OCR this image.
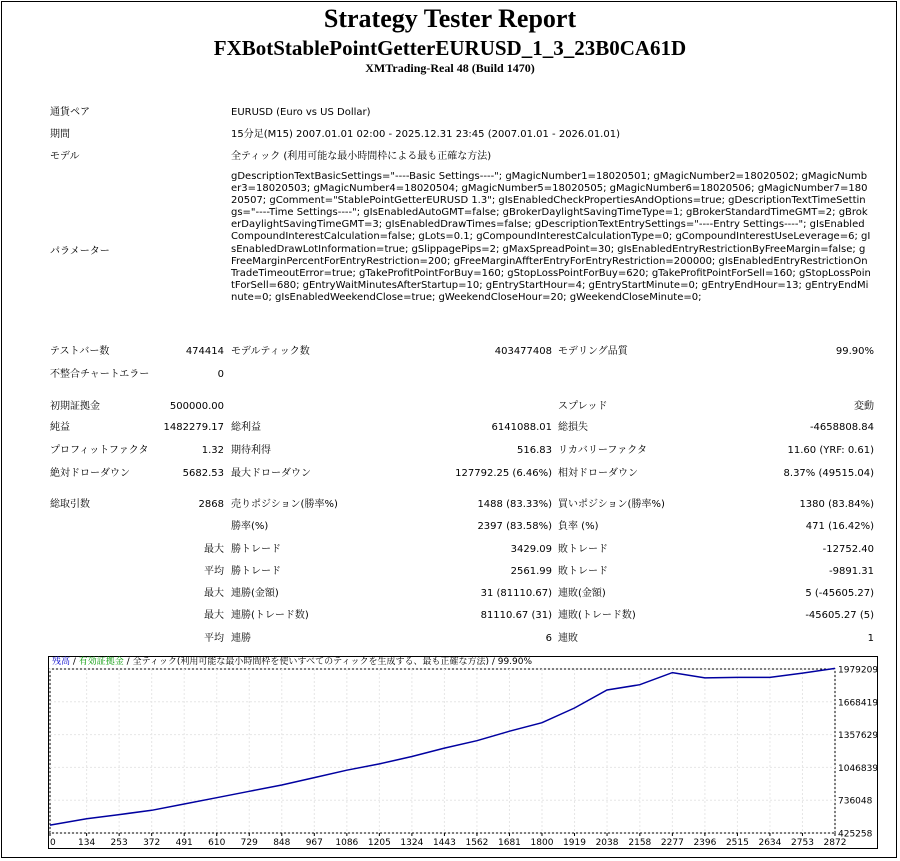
Strategy Tester Report
FXBotStablePointGetterEURUSD_1_3_23B0CA61D
XMTrading-Real 48 (Build 1470)
通貨ペア	EURUSD (Euro vs US Dollar)
期間	15分足(M15) 2007.01.01 02:00 - 2025.12.31 23:45 (2007.01.01 - 2026.01.01)
モデル	全ティック (利用可能な最小時間枠による最も正確な方法)
パラメーター
gDescriptionTextBasicSettings="----Basic Settings----"; gMagicNumber1=18020501; gMagicNumber2=18020502; gMagicNumber3=18020503; gMagicNumber4=18020504; gMagicNumber5=18020505; gMagicNumber6=18020506; gMagicNumber7=18020507; gComment="StablePointGetterEURUSD 1.3"; gIsEnabledCheckPropertiesAndOptions=true; gDescriptionTextTimeSettings="----Time Settings----"; gIsEnabledAutoGMT=false; gBrokerDaylightSavingTimeType=1; gBrokerStandardTimeGMT=2; gBrokerDaylightSavingTimeGMT=3; gIsEnabledDrawTimes=false; gDescriptionTextEntrySettings="----Entry Settings----"; gIsEnabledCompoundInterestCalculation=false; gLots=0.1; gCompoundInterestCalculationType=0; gCompoundInterestUseLeverage=6; gIsEnabledDrawLotInformation=true; gSlippagePips=2; gMaxSpreadPoint=30; gIsEnabledEntryRestrictionByFreeMargin=false; gFreeMarginPercentForEntryRestriction=200; gFreeMarginAffterEntryForEntryRestriction=200000; gIsEnabledEntryRestrictionOnTradeTimeoutError=true; gTakeProfitPointForBuy=160; gStopLossPointForBuy=620; gTakeProfitPointForSell=160; gStopLossPointForSell=680; gEntryWaitMinutesAfterStartup=10; gEntryStartHour=4; gEntryStartMinute=0; gEntryEndHour=13; gEntryEndMinute=0; gIsEnabledWeekendClose=true; gWeekendCloseHour=20; gWeekendCloseMinute=0;
テストバー数	474414 モデルティック数	403477408 モデリング品質	99.90%
不整合チャートエラー	0
初期証拠金	500000.00	スプレッド	変動
純益	1482279.17 総利益	6141088.01 総損失	-4658808.84
プロフィットファクタ	1.32 期待利得	516.83 リカバリーファクタ	11.60 (YRF: 0.61)
絶対ドローダウン	5682.53 最大ドローダウン	127792.25 (6.46%) 相対ドローダウン	8.37% (49515.04)
総取引数	2868 売りポジション(勝率%)	1488 (83.33%) 買いポジション(勝率%)	1380 (83.84%)
勝率(%)	2397 (83.58%) 負率 (%)	471 (16.42%)
最大 勝トレード	3429.09 敗トレード	-12752.40
平均 勝トレード	2561.99 敗トレード	-9891.31
最大 連勝(金額)	31 (81110.67) 連敗(金額)	5 (-45605.27)
最大 連勝(トレード数)	81110.67 (31) 連敗(トレード数)	-45605.27 (5)
平均 連勝	6 連敗	1
1979209
1668419
1357629
1046839
736048
425258
0 134 253 372 491 610 729 848 967 1086 1205 1324 1443 1562 1681 1800 1919 2038 2158 2277 2396 2515 2634 2753 2872
残高 / 有効証拠金 / 全ティック(利用可能な最小時間枠を使いすべてのティックを生成する、最も正確な方法) / 99.90%
